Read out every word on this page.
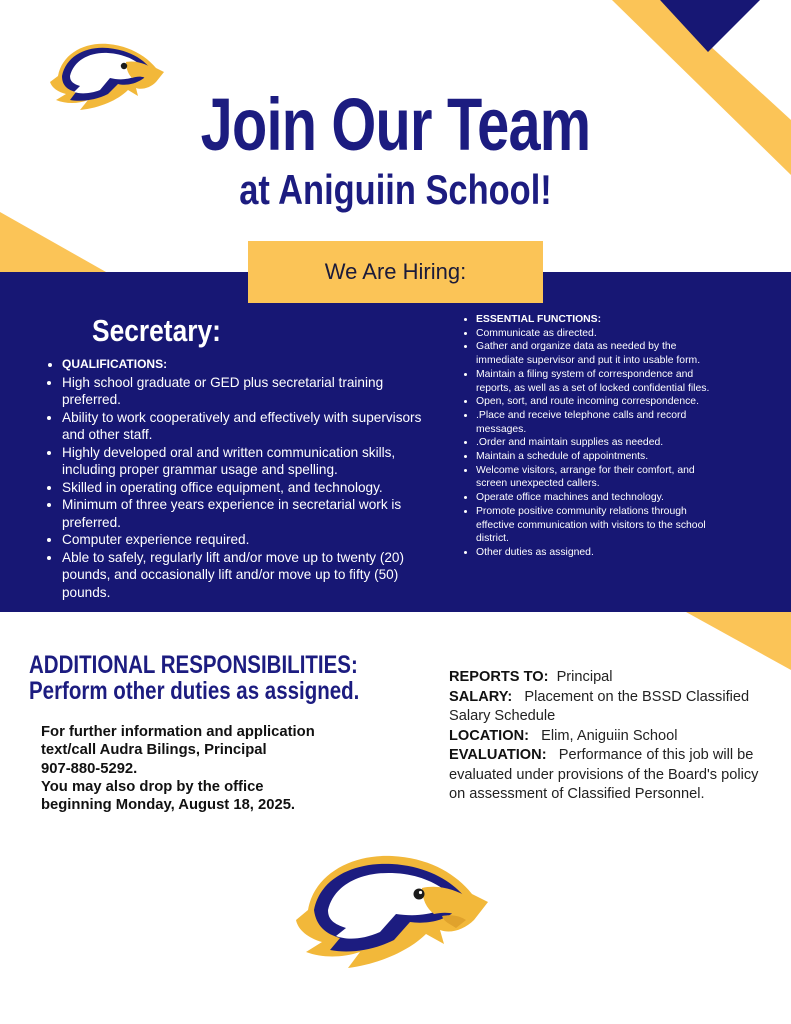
Join Our Team
at Aniguiin School!
We Are Hiring:
Secretary:
• QUALIFICATIONS:
• High school graduate or GED plus secretarial training preferred.
• Ability to work cooperatively and effectively with supervisors and other staff.
• Highly developed oral and written communication skills, including proper grammar usage and spelling.
• Skilled in operating office equipment, and technology.
• Minimum of three years experience in secretarial work is preferred.
• Computer experience required.
• Able to safely, regularly lift and/or move up to twenty (20) pounds, and occasionally lift and/or move up to fifty (50) pounds.
• ESSENTIAL FUNCTIONS:
• Communicate as directed.
• Gather and organize data as needed by the immediate supervisor and put it into usable form.
• Maintain a filing system of correspondence and reports, as well as a set of locked confidential files.
• Open, sort, and route incoming correspondence.
• .Place and receive telephone calls and record messages.
• .Order and maintain supplies as needed.
• Maintain a schedule of appointments.
• Welcome visitors, arrange for their comfort, and screen unexpected callers.
• Operate office machines and technology.
• Promote positive community relations through effective communication with visitors to the school district.
• Other duties as assigned.
ADDITIONAL RESPONSIBILITIES:
Perform other duties as assigned.
For further information and application
text/call Audra Bilings, Principal
907-880-5292.
You may also drop by the office
beginning Monday, August 18, 2025.
REPORTS TO: Principal
SALARY: Placement on the BSSD Classified Salary Schedule
LOCATION: Elim, Aniguiin School
EVALUATION: Performance of this job will be evaluated under provisions of the Board's policy on assessment of Classified Personnel.
